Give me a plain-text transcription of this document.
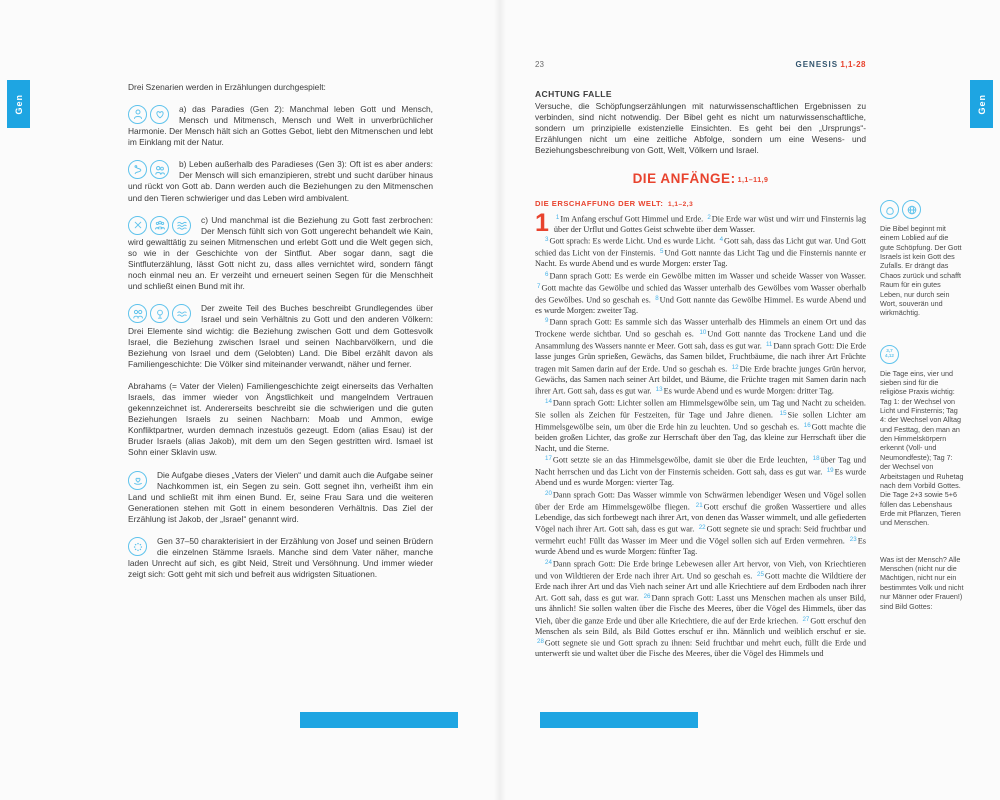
Gen	Gen

Drei Szenarien werden in Erzählungen durchgespielt:

a) das Paradies (Gen 2): Manchmal leben Gott und Mensch, Mensch und Mitmensch, Mensch und Welt in unverbrüchlicher Harmonie. Der Mensch hält sich an Gottes Gebot, liebt den Mitmenschen und lebt im Einklang mit der Natur.
b) Leben außerhalb des Paradieses (Gen 3): Oft ist es aber anders: Der Mensch will sich emanzipieren, strebt und sucht darüber hinaus und rückt von Gott ab. Dann werden auch die Beziehungen zu den Mitmenschen und den Tieren schwieriger und das Leben wird ambivalent.
c) Und manchmal ist die Beziehung zu Gott fast zerbrochen: Der Mensch fühlt sich von Gott ungerecht behandelt wie Kain, wird gewalttätig zu seinen Mitmenschen und erlebt Gott und die Welt gegen sich, so wie in der Geschichte von der Sintflut. Aber sogar dann, sagt die Sintfluterzählung, lässt Gott nicht zu, dass alles vernichtet wird, sondern fängt noch einmal neu an. Er verzeiht und erneuert seinen Segen für die Menschheit und schließt einen Bund mit ihr.
Der zweite Teil des Buches beschreibt Grundlegendes über Israel und sein Verhältnis zu Gott und den anderen Völkern: Drei Elemente sind wichtig: die Beziehung zwischen Gott und dem Gottesvolk Israel, die Beziehung zwischen Israel und seinen Nachbarvölkern, und die Beziehung von Israel und dem (Gelobten) Land. Die Bibel erzählt davon als Familiengeschichte: Die Völker sind miteinander verwandt, näher und ferner.
Abrahams (= Vater der Vielen) Familiengeschichte zeigt einerseits das Verhalten Israels, das immer wieder von Ängstlichkeit und mangelndem Vertrauen gekennzeichnet ist. Andererseits beschreibt sie die schwierigen und die guten Beziehungen Israels zu seinen Nachbarn: Moab und Ammon, ewige Konfliktpartner, wurden demnach inzestuös gezeugt. Edom (alias Esau) ist der Bruder Israels (alias Jakob), mit dem um den Segen gestritten wird. Ismael ist Sohn einer Sklavin usw.
Die Aufgabe dieses „Vaters der Vielen“ und damit auch die Aufgabe seiner Nachkommen ist, ein Segen zu sein. Gott segnet ihn, verheißt ihm ein Land und schließt mit ihm einen Bund. Er, seine Frau Sara und die weiteren Generationen stehen mit Gott in einem besonderen Verhältnis. Das Ziel der Erzählung ist Jakob, der „Israel“ genannt wird.
Gen 37–50 charakterisiert in der Erzählung von Josef und seinen Brüdern die einzelnen Stämme Israels. Manche sind dem Vater näher, manche laden Unrecht auf sich, es gibt Neid, Streit und Versöhnung. Und immer wieder zeigt sich: Gott geht mit sich und befreit aus widrigsten Situationen.
23	GENESIS 1,1-28
ACHTUNG FALLE
Versuche, die Schöpfungserzählungen mit naturwissenschaftlichen Ergebnissen zu verbinden, sind nicht notwendig. Der Bibel geht es nicht um naturwissenschaftliche, sondern um prinzipielle existenzielle Einsichten. Es geht bei den „Ursprungs“-Erzählungen nicht um eine zeitliche Abfolge, sondern um eine Wesens- und Beziehungsbeschreibung von Gott, Welt, Völkern und Israel.
DIE ANFÄNGE: 1,1–11,9
DIE ERSCHAFFUNG DER WELT: 1,1–2,3

1 $^1$Im Anfang erschuf Gott Himmel und Erde. $^2$Die Erde war wüst und wirr und Finsternis lag über der Urflut und Gottes Geist schwebte über dem Wasser.

$^3$Gott sprach: Es werde Licht. Und es wurde Licht. $^4$Gott sah, dass das Licht gut war. Und Gott schied das Licht von der Finsternis. $^5$Und Gott nannte das Licht Tag und die Finsternis nannte er Nacht. Es wurde Abend und es wurde Morgen: erster Tag.

$^6$Dann sprach Gott: Es werde ein Gewölbe mitten im Wasser und scheide Wasser von Wasser. $^7$Gott machte das Gewölbe und schied das Wasser unterhalb des Gewölbes vom Wasser oberhalb des Gewölbes. Und so geschah es. $^8$Und Gott nannte das Gewölbe Himmel. Es wurde Abend und es wurde Morgen: zweiter Tag.

$^9$Dann sprach Gott: Es sammle sich das Wasser unterhalb des Himmels an einem Ort und das Trockene werde sichtbar. Und so geschah es. $^{10}$Und Gott nannte das Trockene Land und die Ansammlung des Wassers nannte er Meer. Gott sah, dass es gut war. $^{11}$Dann sprach Gott: Die Erde lasse junges Grün sprießen, Gewächs, das Samen bildet, Fruchtbäume, die nach ihrer Art Früchte tragen mit Samen darin auf der Erde. Und so geschah es. $^{12}$Die Erde brachte junges Grün hervor, Gewächs, das Samen nach seiner Art bildet, und Bäume, die Früchte tragen mit Samen darin nach ihrer Art. Gott sah, dass es gut war. $^{13}$Es wurde Abend und es wurde Morgen: dritter Tag.

$^{14}$Dann sprach Gott: Lichter sollen am Himmelsgewölbe sein, um Tag und Nacht zu scheiden. Sie sollen als Zeichen für Festzeiten, für Tage und Jahre dienen. $^{15}$Sie sollen Lichter am Himmelsgewölbe sein, um über die Erde hin zu leuchten. Und so geschah es. $^{16}$Gott machte die beiden großen Lichter, das große zur Herrschaft über den Tag, das kleine zur Herrschaft über die Nacht, und die Sterne.

$^{17}$Gott setzte sie an das Himmelsgewölbe, damit sie über die Erde leuchten, $^{18}$über Tag und Nacht herrschen und das Licht von der Finsternis scheiden. Gott sah, dass es gut war. $^{19}$Es wurde Abend und es wurde Morgen: vierter Tag.

$^{20}$Dann sprach Gott: Das Wasser wimmle von Schwärmen lebendiger Wesen und Vögel sollen über der Erde am Himmelsgewölbe fliegen. $^{21}$Gott erschuf die großen Wassertiere und alles Lebendige, das sich fortbewegt nach ihrer Art, von denen das Wasser wimmelt, und alle gefiederten Vögel nach ihrer Art. Gott sah, dass es gut war. $^{22}$Gott segnete sie und sprach: Seid fruchtbar und vermehrt euch! Füllt das Wasser im Meer und die Vögel sollen sich auf Erden vermehren. $^{23}$Es wurde Abend und es wurde Morgen: fünfter Tag.

$^{24}$Dann sprach Gott: Die Erde bringe Lebewesen aller Art hervor, von Vieh, von Kriechtieren und von Wildtieren der Erde nach ihrer Art. Und so geschah es. $^{25}$Gott machte die Wildtiere der Erde nach ihrer Art und das Vieh nach seiner Art und alle Kriechtiere auf dem Erdboden nach ihrer Art. Gott sah, dass es gut war. $^{26}$Dann sprach Gott: Lasst uns Menschen machen als unser Bild, uns ähnlich! Sie sollen walten über die Fische des Meeres, über die Vögel des Himmels, über das Vieh, über die ganze Erde und über alle Kriechtiere, die auf der Erde kriechen. $^{27}$Gott erschuf den Menschen als sein Bild, als Bild Gottes erschuf er ihn. Männlich und weiblich erschuf er sie. $^{28}$Gott segnete sie und Gott sprach zu ihnen: Seid fruchtbar und mehrt euch, füllt die Erde und unterwerft sie und waltet über die Fische des Meeres, über die Vögel des Himmels und

Die Bibel beginnt mit einem Loblied auf die gute Schöpfung. Der Gott Israels ist kein Gott des Zufalls. Er drängt das Chaos zurück und schafft Raum für ein gutes Leben, nur durch sein Wort, souverän und wirkmächtig.
3,7
4,12
Die Tage eins, vier und sieben sind für die religiöse Praxis wichtig: Tag 1: der Wechsel von Licht und Finsternis; Tag 4: der Wechsel von Alltag und Festtag, den man an den Himmelskörpern erkennt (Voll- und Neumondfeste); Tag 7: der Wechsel von Arbeitstagen und Ruhetag nach dem Vorbild Gottes. Die Tage 2+3 sowie 5+6 füllen das Lebenshaus Erde mit Pflanzen, Tieren und Menschen.
Was ist der Mensch? Alle Menschen (nicht nur die Mächtigen, nicht nur ein bestimmtes Volk und nicht nur Männer oder Frauen!) sind Bild Gottes:
